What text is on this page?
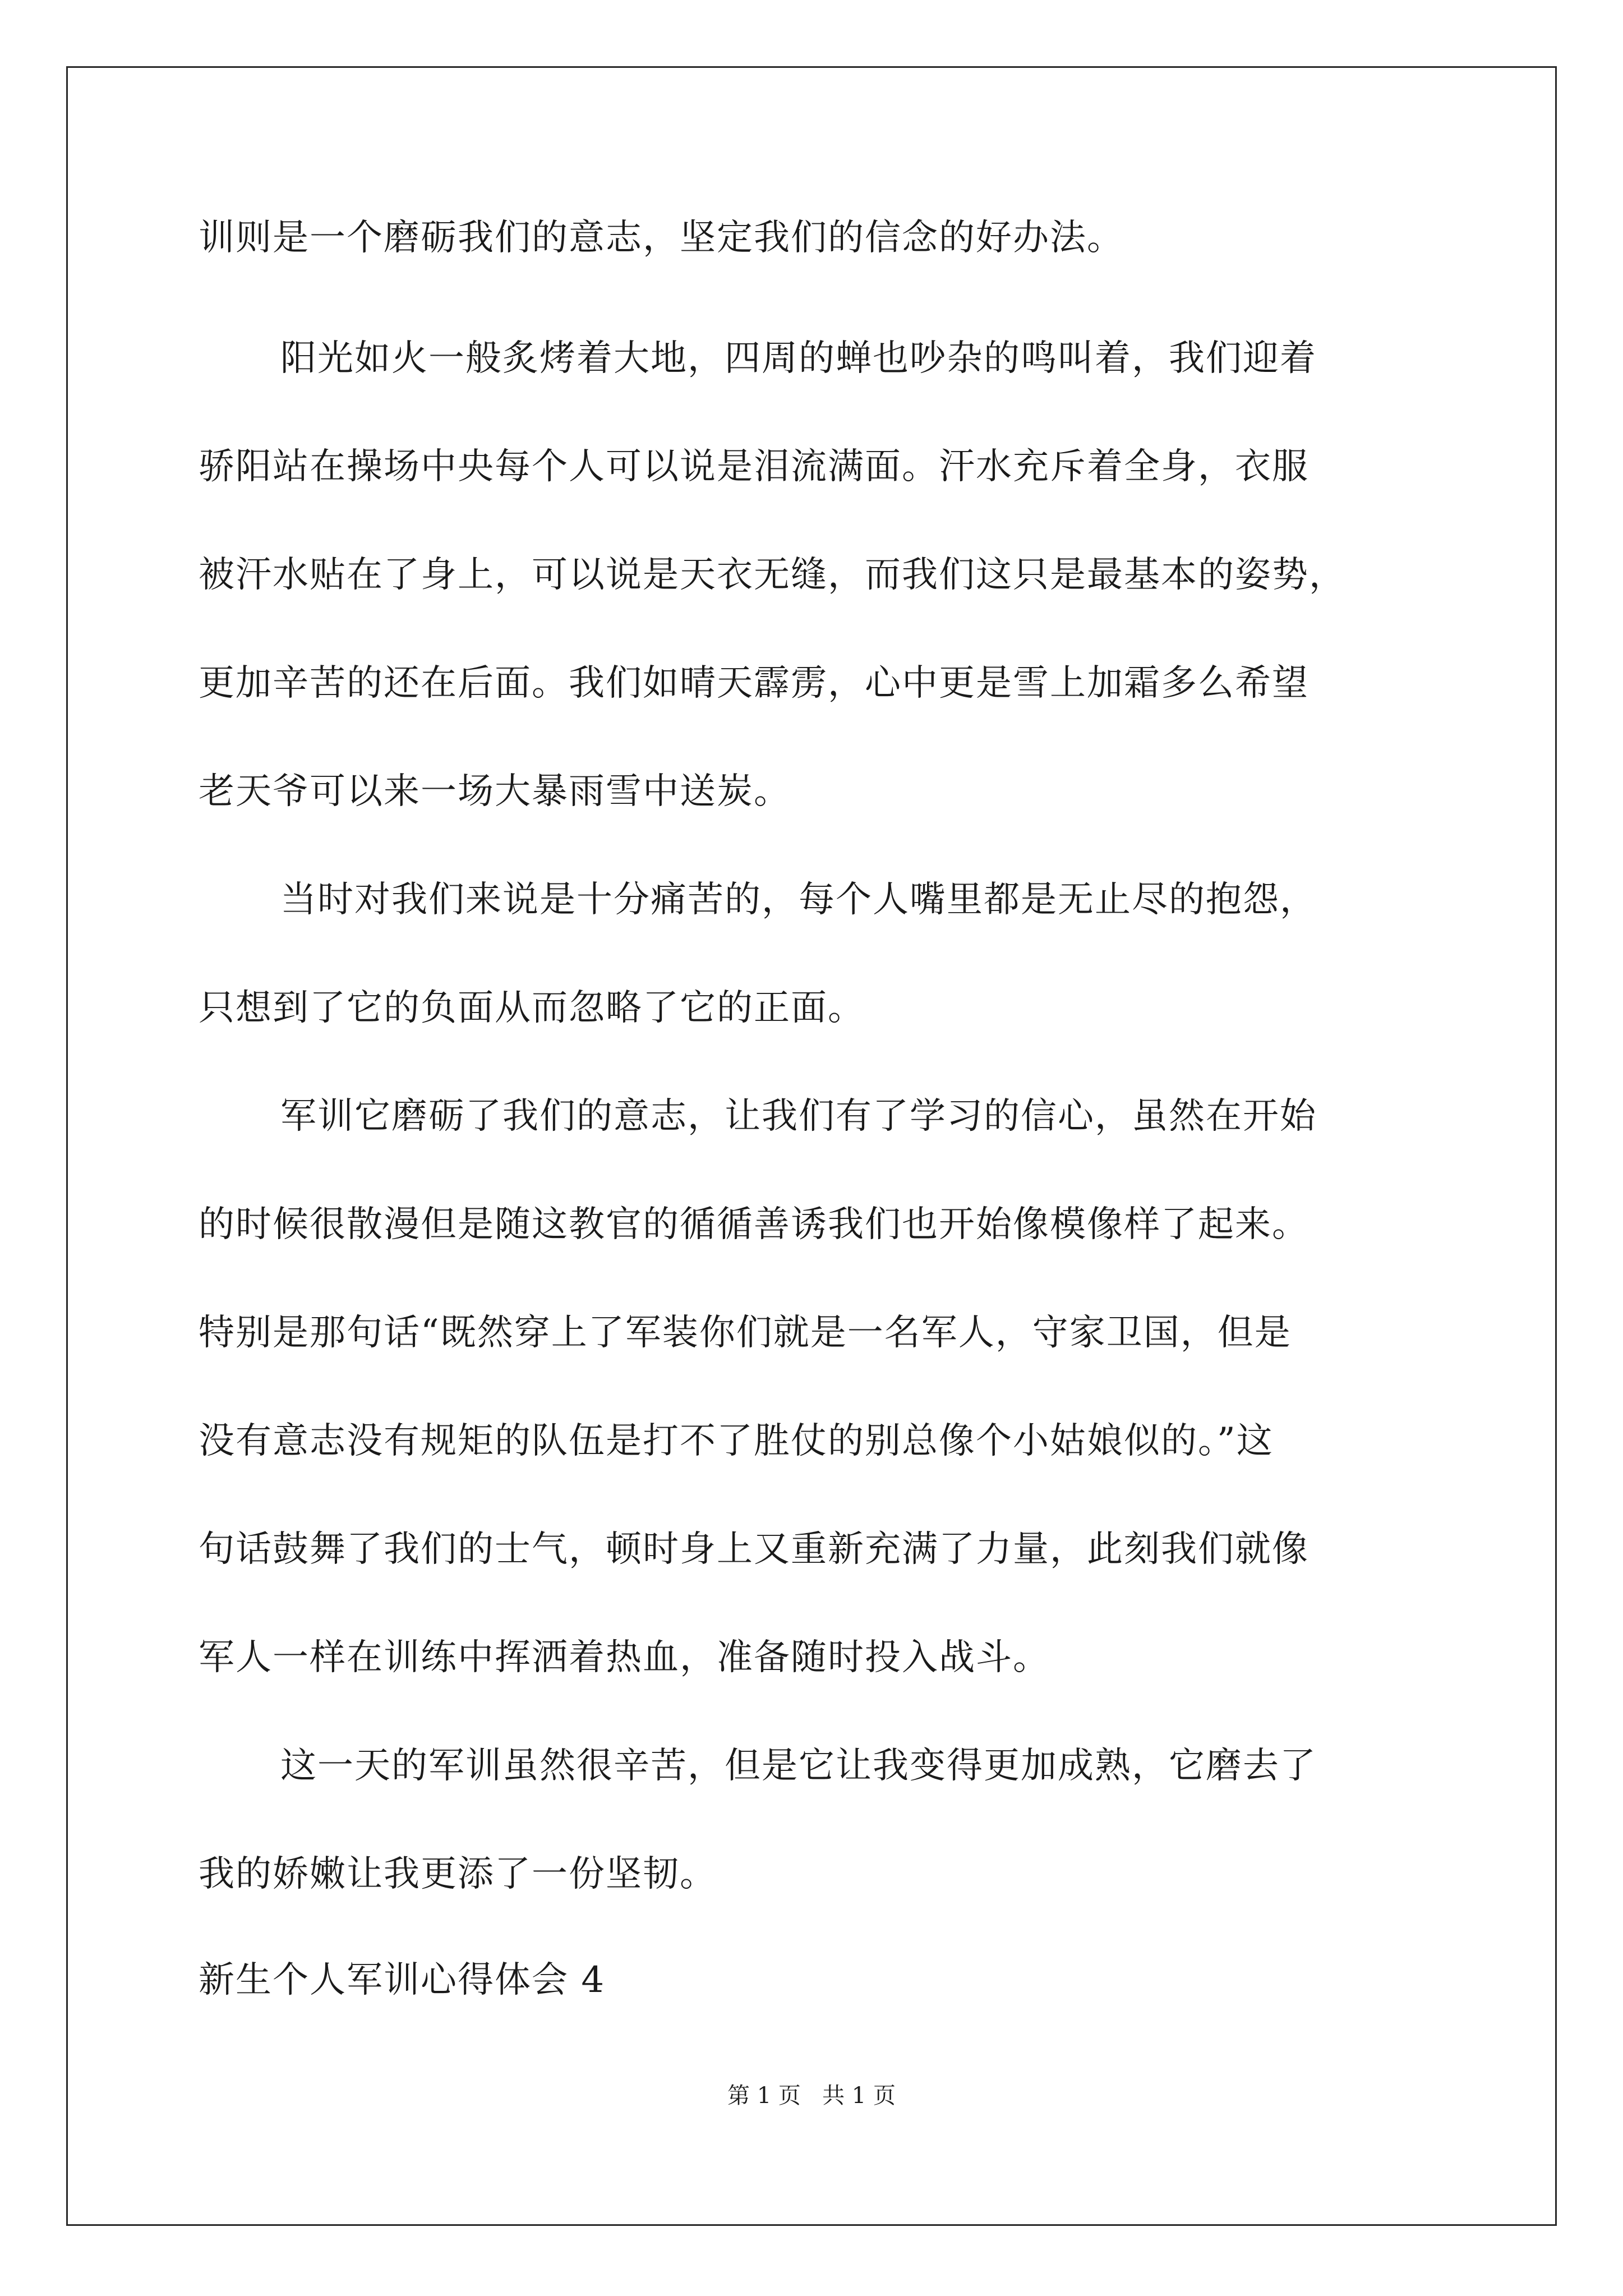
训则是一个磨砺我们的意志，坚定我们的信念的好办法。
阳光如火一般炙烤着大地，四周的蝉也吵杂的鸣叫着，我们迎着
骄阳站在操场中央每个人可以说是泪流满面。汗水充斥着全身，衣服
被汗水贴在了身上，可以说是天衣无缝，而我们这只是最基本的姿势，
更加辛苦的还在后面。我们如晴天霹雳，心中更是雪上加霜多么希望
老天爷可以来一场大暴雨雪中送炭。
当时对我们来说是十分痛苦的，每个人嘴里都是无止尽的抱怨，
只想到了它的负面从而忽略了它的正面。
军训它磨砺了我们的意志，让我们有了学习的信心，虽然在开始
的时候很散漫但是随这教官的循循善诱我们也开始像模像样了起来。
特别是那句话“既然穿上了军装你们就是一名军人，守家卫国，但是
没有意志没有规矩的队伍是打不了胜仗的别总像个小姑娘似的。”这
句话鼓舞了我们的士气，顿时身上又重新充满了力量，此刻我们就像
军人一样在训练中挥洒着热血，准备随时投入战斗。
这一天的军训虽然很辛苦，但是它让我变得更加成熟，它磨去了
我的娇嫩让我更添了一份坚韧。
新生个人军训心得体会 4
第 1 页   共 1 页
